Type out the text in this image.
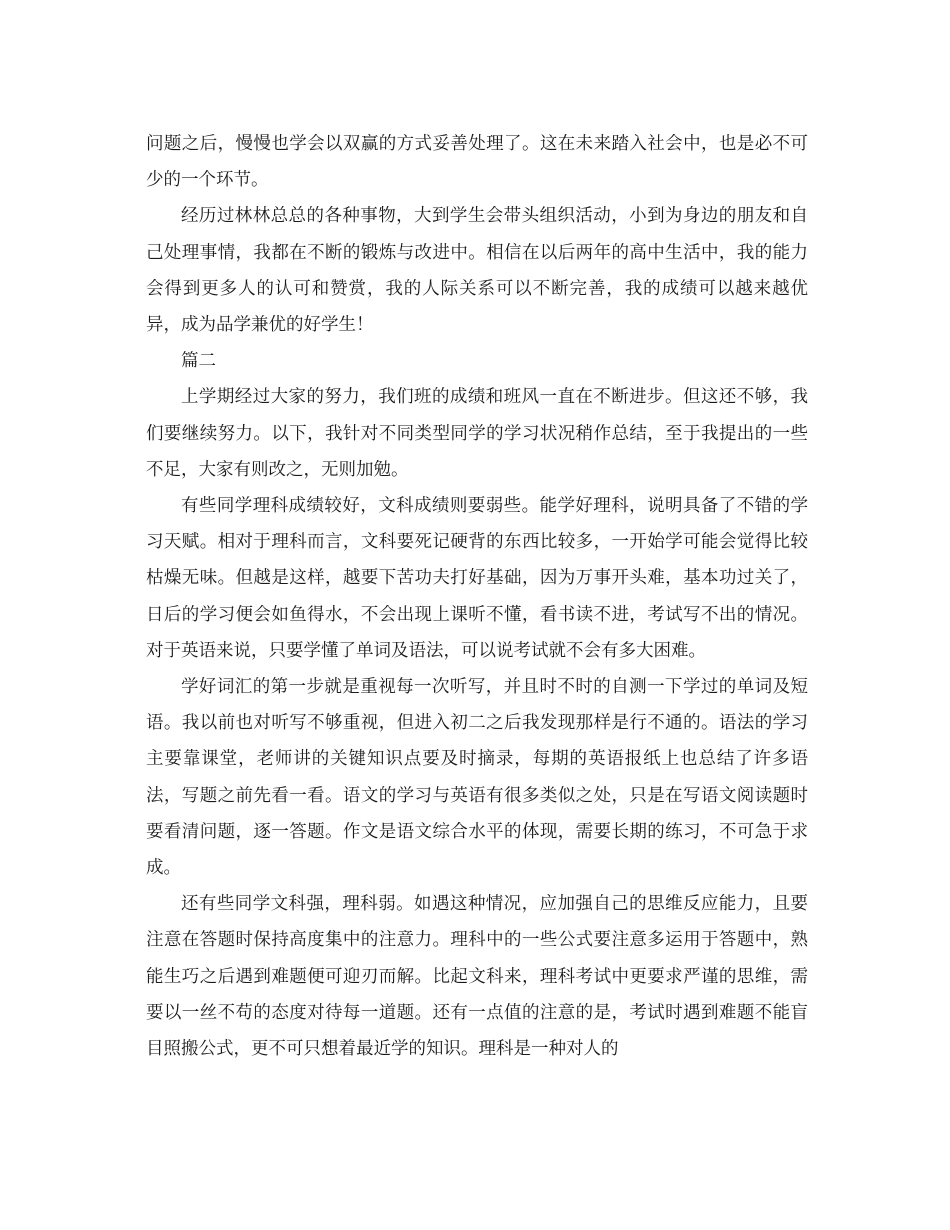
问题之后，慢慢也学会以双赢的方式妥善处理了。这在未来踏入社会中，也是必不可少的一个环节。

经历过林林总总的各种事物，大到学生会带头组织活动，小到为身边的朋友和自己处理事情，我都在不断的锻炼与改进中。相信在以后两年的高中生活中，我的能力会得到更多人的认可和赞赏，我的人际关系可以不断完善，我的成绩可以越来越优异，成为品学兼优的好学生！

篇二

上学期经过大家的努力，我们班的成绩和班风一直在不断进步。但这还不够，我们要继续努力。以下，我针对不同类型同学的学习状况稍作总结，至于我提出的一些不足，大家有则改之，无则加勉。

有些同学理科成绩较好，文科成绩则要弱些。能学好理科，说明具备了不错的学习天赋。相对于理科而言，文科要死记硬背的东西比较多，一开始学可能会觉得比较枯燥无味。但越是这样，越要下苦功夫打好基础，因为万事开头难，基本功过关了，日后的学习便会如鱼得水，不会出现上课听不懂，看书读不进，考试写不出的情况。对于英语来说，只要学懂了单词及语法，可以说考试就不会有多大困难。

学好词汇的第一步就是重视每一次听写，并且时不时的自测一下学过的单词及短语。我以前也对听写不够重视，但进入初二之后我发现那样是行不通的。语法的学习主要靠课堂，老师讲的关键知识点要及时摘录，每期的英语报纸上也总结了许多语法，写题之前先看一看。语文的学习与英语有很多类似之处，只是在写语文阅读题时要看清问题，逐一答题。作文是语文综合水平的体现，需要长期的练习，不可急于求成。

还有些同学文科强，理科弱。如遇这种情况，应加强自己的思维反应能力，且要注意在答题时保持高度集中的注意力。理科中的一些公式要注意多运用于答题中，熟能生巧之后遇到难题便可迎刃而解。比起文科来，理科考试中更要求严谨的思维，需要以一丝不苟的态度对待每一道题。还有一点值的注意的是，考试时遇到难题不能盲目照搬公式，更不可只想着最近学的知识。理科是一种对人的
